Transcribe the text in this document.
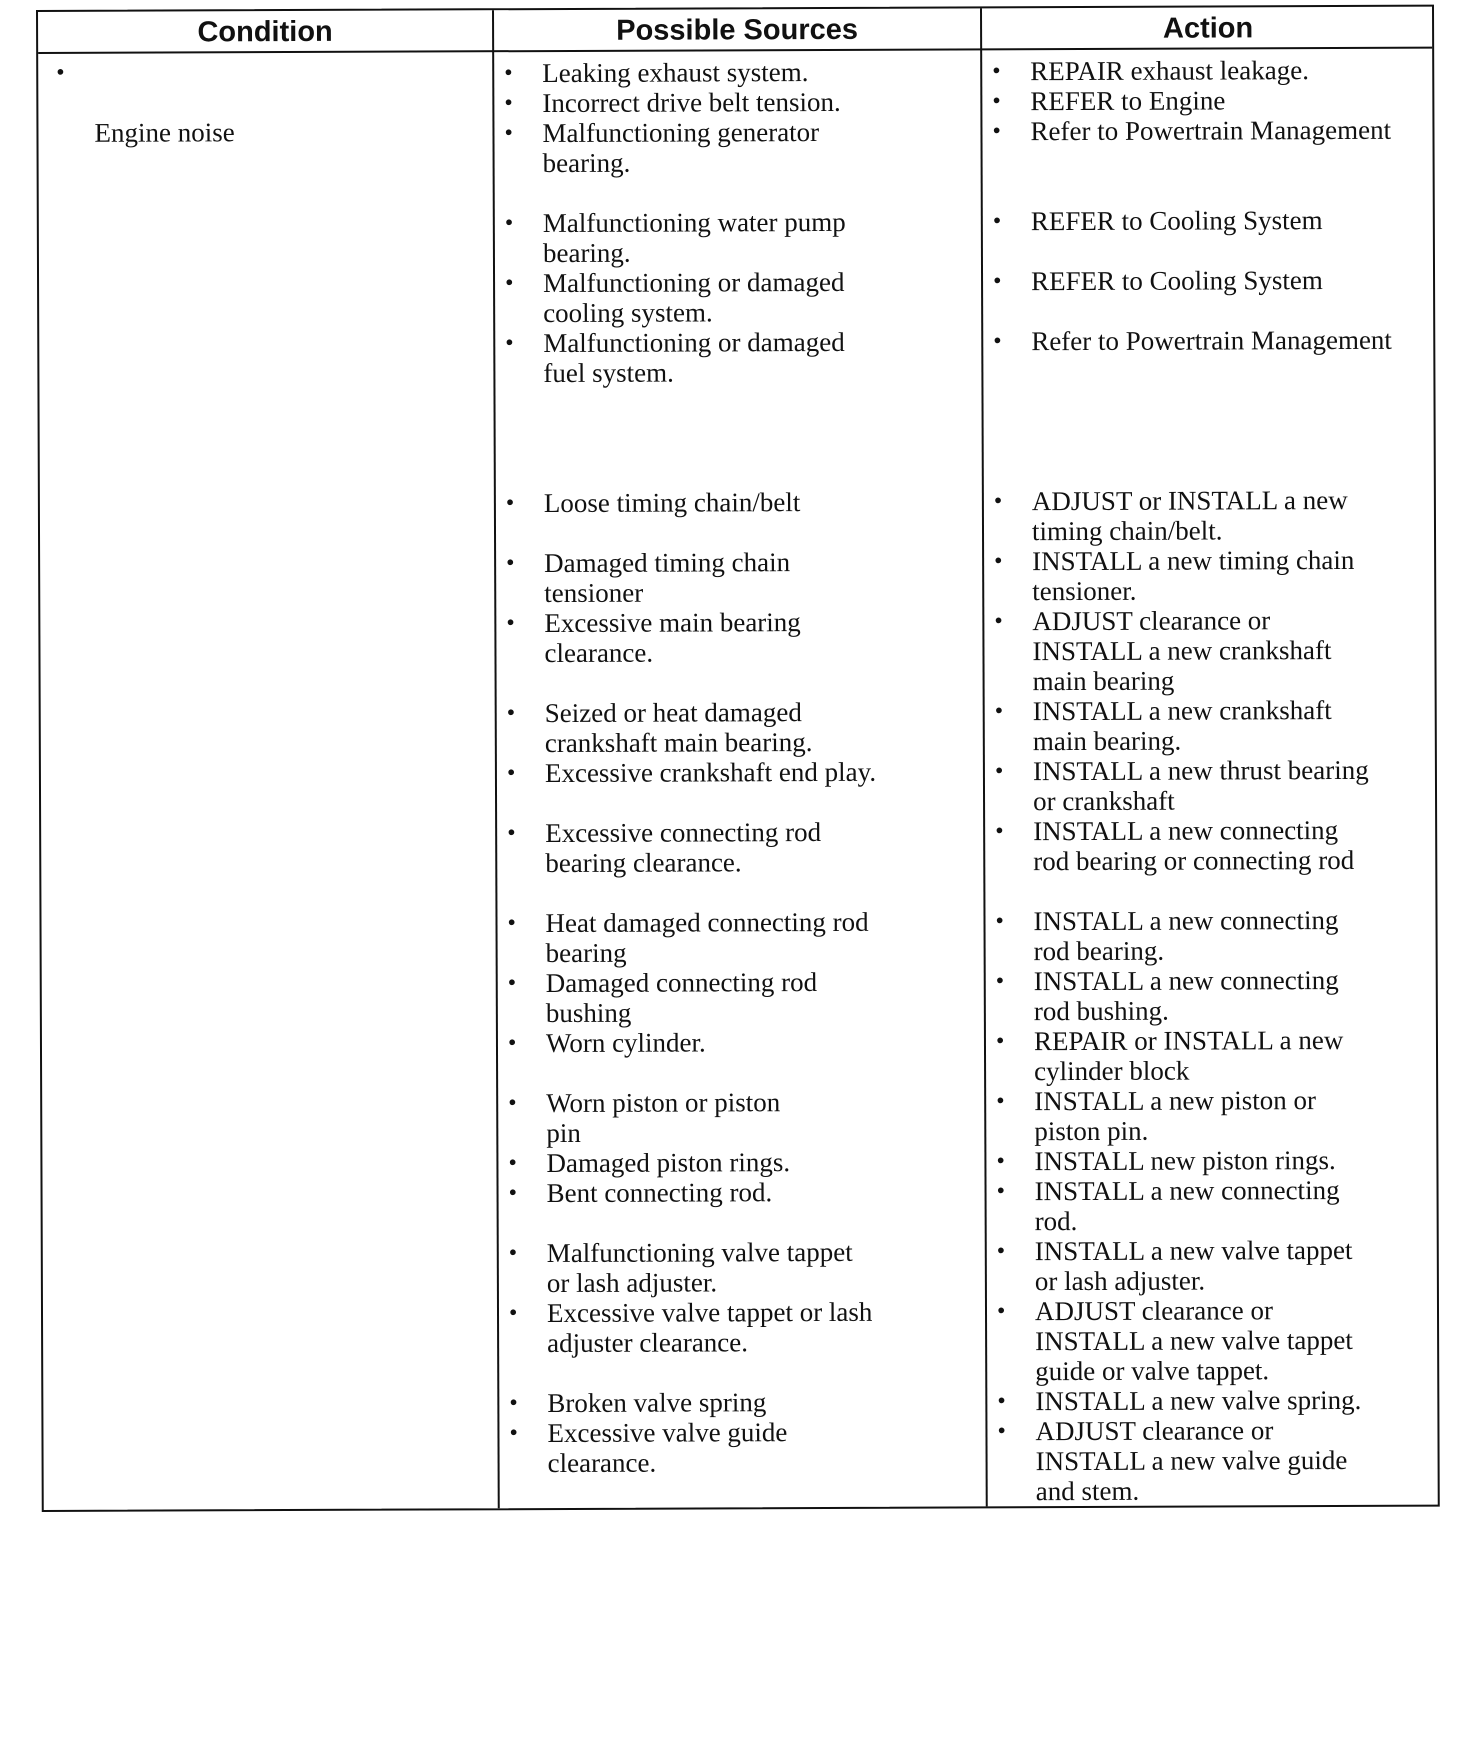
Condition	Possible Sources	Action

•

Engine noise

• Leaking exhaust system.
• Incorrect drive belt tension.
• Malfunctioning generator
bearing.
• Malfunctioning water pump
bearing.
• Malfunctioning or damaged
cooling system.
• Malfunctioning or damaged
fuel system.
• Loose timing chain/belt
• Damaged timing chain
tensioner
• Excessive main bearing
clearance.
• Seized or heat damaged
crankshaft main bearing.
• Excessive crankshaft end play.
• Excessive connecting rod
bearing clearance.
• Heat damaged connecting rod
bearing
• Damaged connecting rod
bushing
• Worn cylinder.
• Worn piston or piston
pin
• Damaged piston rings.
• Bent connecting rod.
• Malfunctioning valve tappet
or lash adjuster.
• Excessive valve tappet or lash
adjuster clearance.
• Broken valve spring
• Excessive valve guide
clearance.
• REPAIR exhaust leakage.
• REFER to Engine
• Refer to Powertrain Management
• REFER to Cooling System
• REFER to Cooling System
• Refer to Powertrain Management
• ADJUST or INSTALL a new
timing chain/belt.
• INSTALL a new timing chain
tensioner.
• ADJUST clearance or
INSTALL a new crankshaft
main bearing
• INSTALL a new crankshaft
main bearing.
• INSTALL a new thrust bearing
or crankshaft
• INSTALL a new connecting
rod bearing or connecting rod
• INSTALL a new connecting
rod bearing.
• INSTALL a new connecting
rod bushing.
• REPAIR or INSTALL a new
cylinder block
• INSTALL a new piston or
piston pin.
• INSTALL new piston rings.
• INSTALL a new connecting
rod.
• INSTALL a new valve tappet
or lash adjuster.
• ADJUST clearance or
INSTALL a new valve tappet
guide or valve tappet.
• INSTALL a new valve spring.
• ADJUST clearance or
INSTALL a new valve guide
and stem.
